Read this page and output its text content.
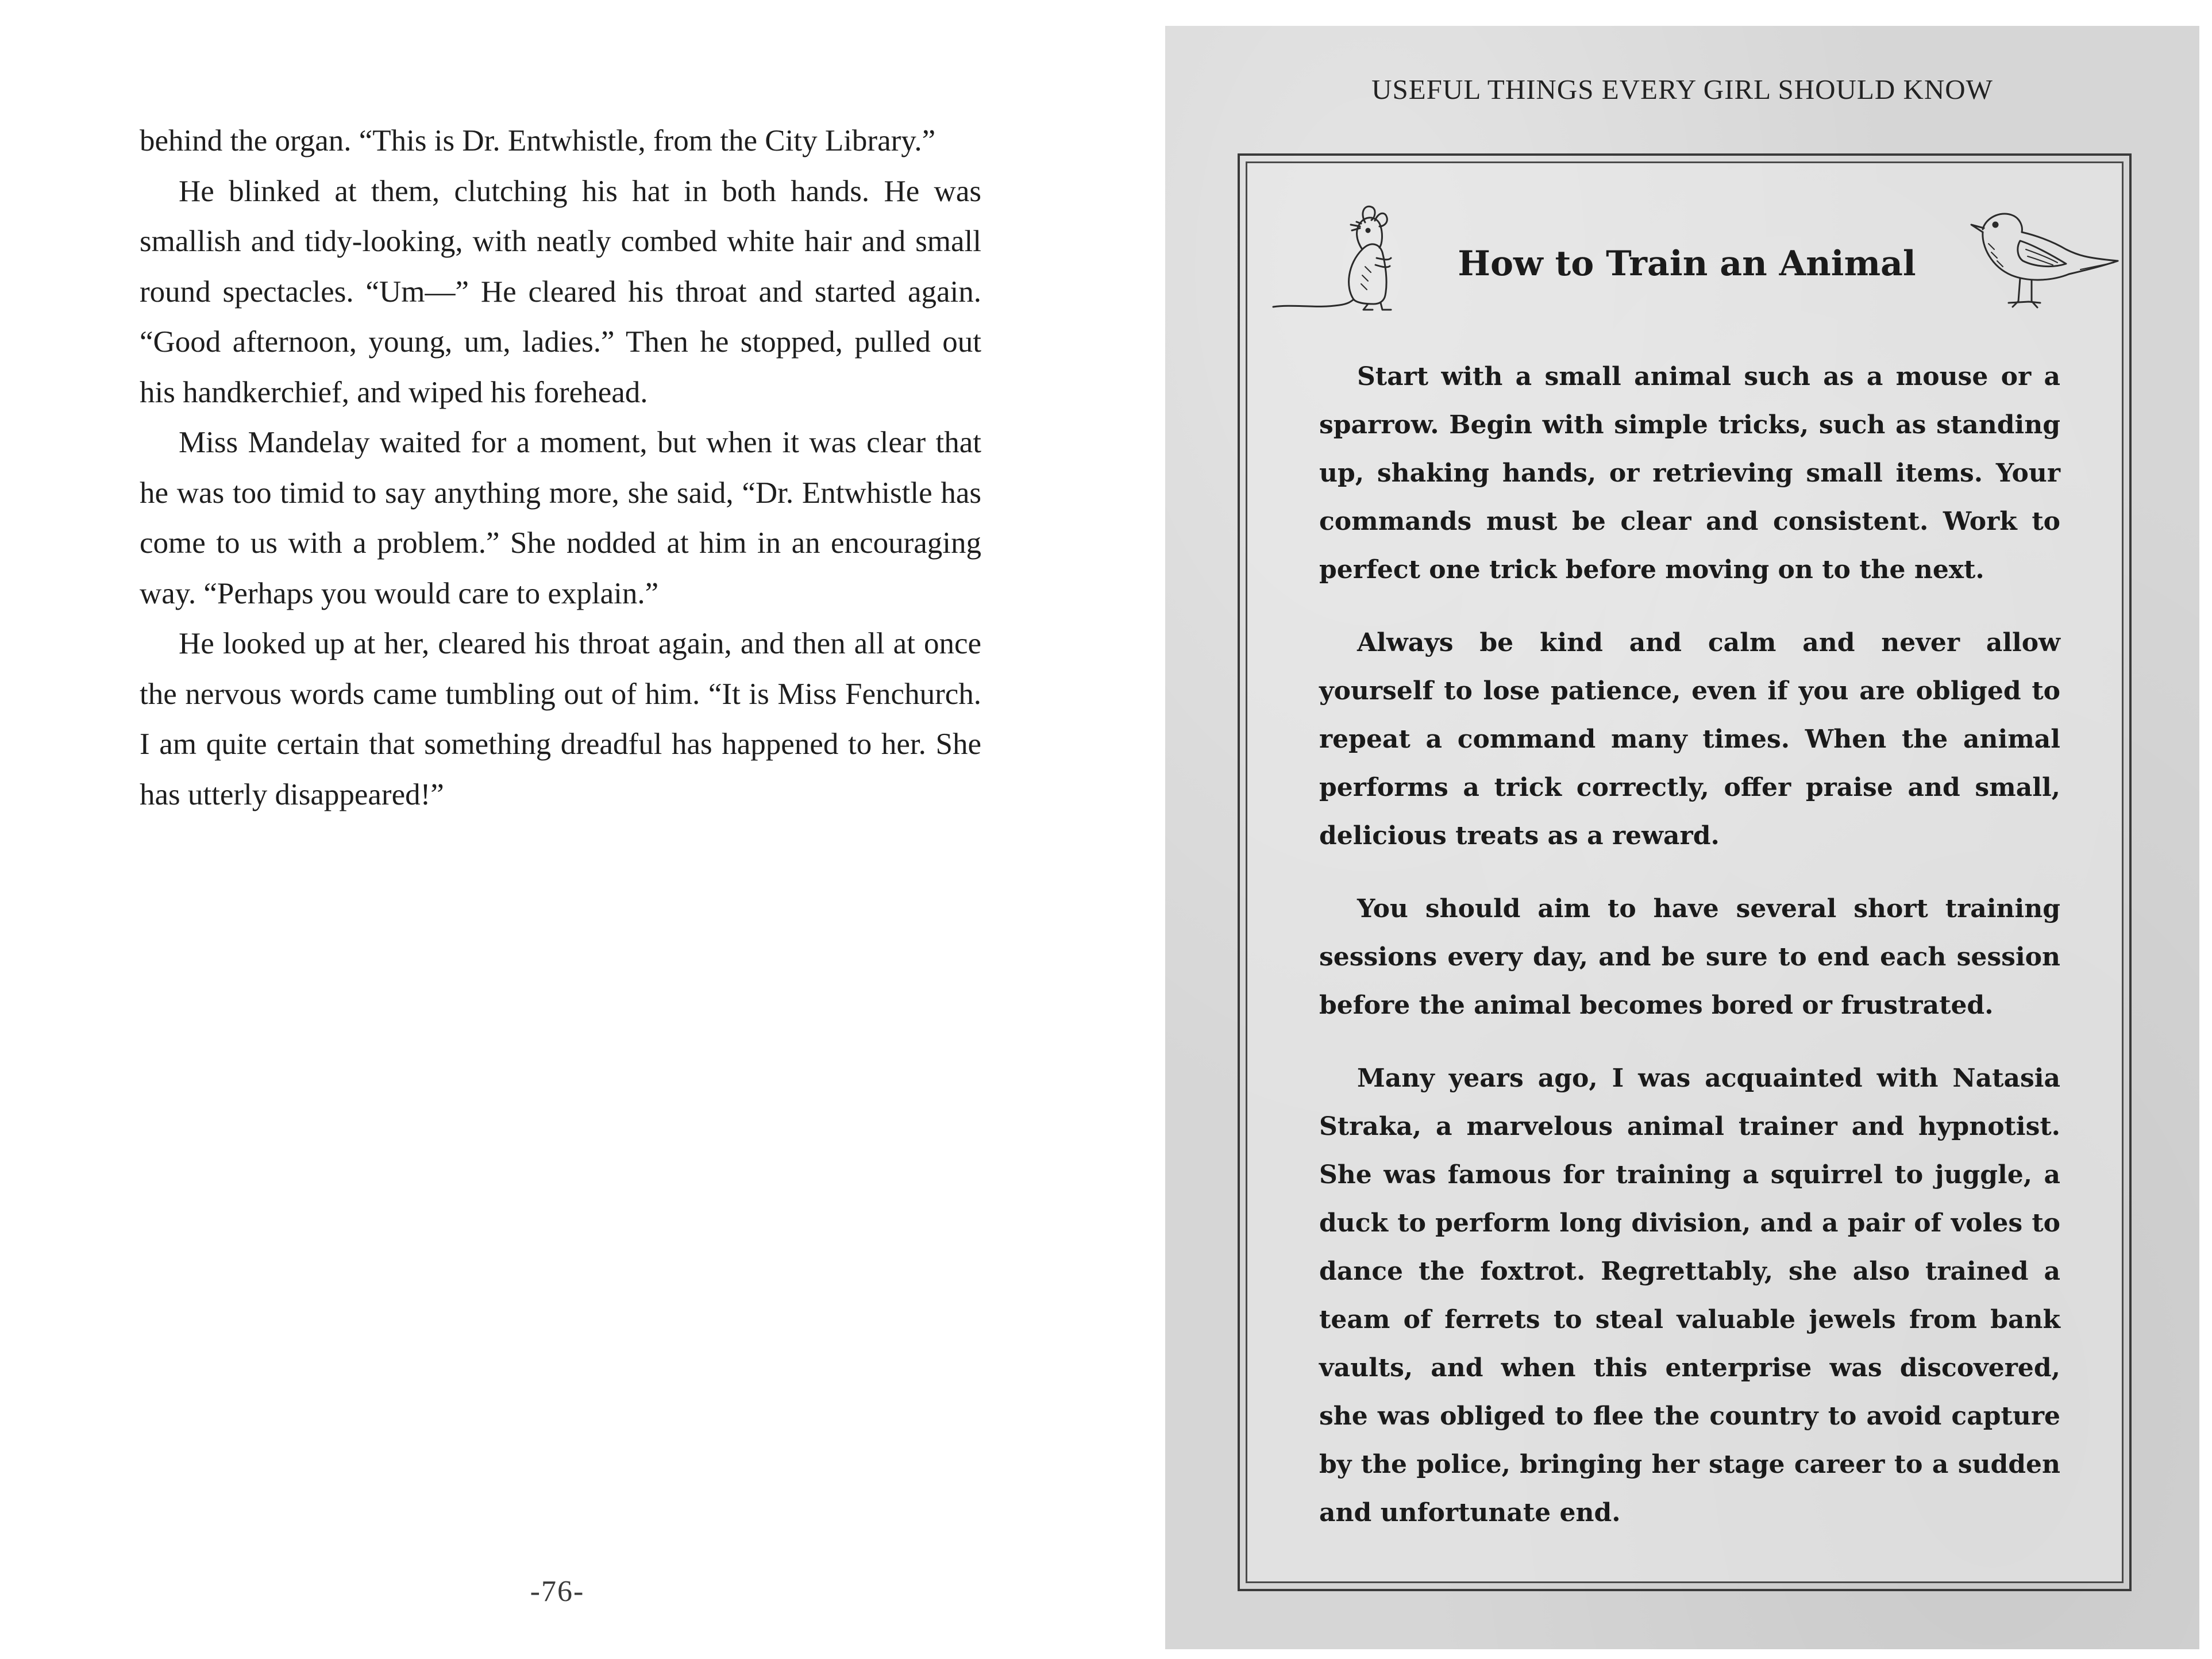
behind the organ. “This is Dr. Entwhistle, from the City Library.”

He blinked at them, clutching his hat in both hands. He was smallish and tidy-looking, with neatly combed white hair and small round spectacles. “Um—” He cleared his throat and started again. “Good afternoon, young, um, ladies.” Then he stopped, pulled out his handkerchief, and wiped his forehead.

Miss Mandelay waited for a moment, but when it was clear that he was too timid to say anything more, she said, “Dr. Entwhistle has come to us with a problem.” She nodded at him in an encouraging way. “Perhaps you would care to explain.”

He looked up at her, cleared his throat again, and then all at once the nervous words came tumbling out of him. “It is Miss Fenchurch. I am quite certain that something dreadful has happened to her. She has utterly disappeared!”

-76-
USEFUL THINGS EVERY GIRL SHOULD KNOW
How to Train an Animal

Start with a small animal such as a mouse or a sparrow. Begin with simple tricks, such as standing up, shaking hands, or retrieving small items. Your commands must be clear and consistent. Work to perfect one trick before moving on to the next.

Always be kind and calm and never allow yourself to lose patience, even if you are obliged to repeat a command many times. When the animal performs a trick correctly, offer praise and small, delicious treats as a reward.

You should aim to have several short training sessions every day, and be sure to end each session before the animal becomes bored or frustrated.

Many years ago, I was acquainted with Natasia Straka, a marvelous animal trainer and hypnotist. She was famous for training a squirrel to juggle, a duck to perform long division, and a pair of voles to dance the foxtrot. Regrettably, she also trained a team of ferrets to steal valuable jewels from bank vaults, and when this enterprise was discovered, she was obliged to flee the country to avoid capture by the police, bringing her stage career to a sudden and unfortunate end.
